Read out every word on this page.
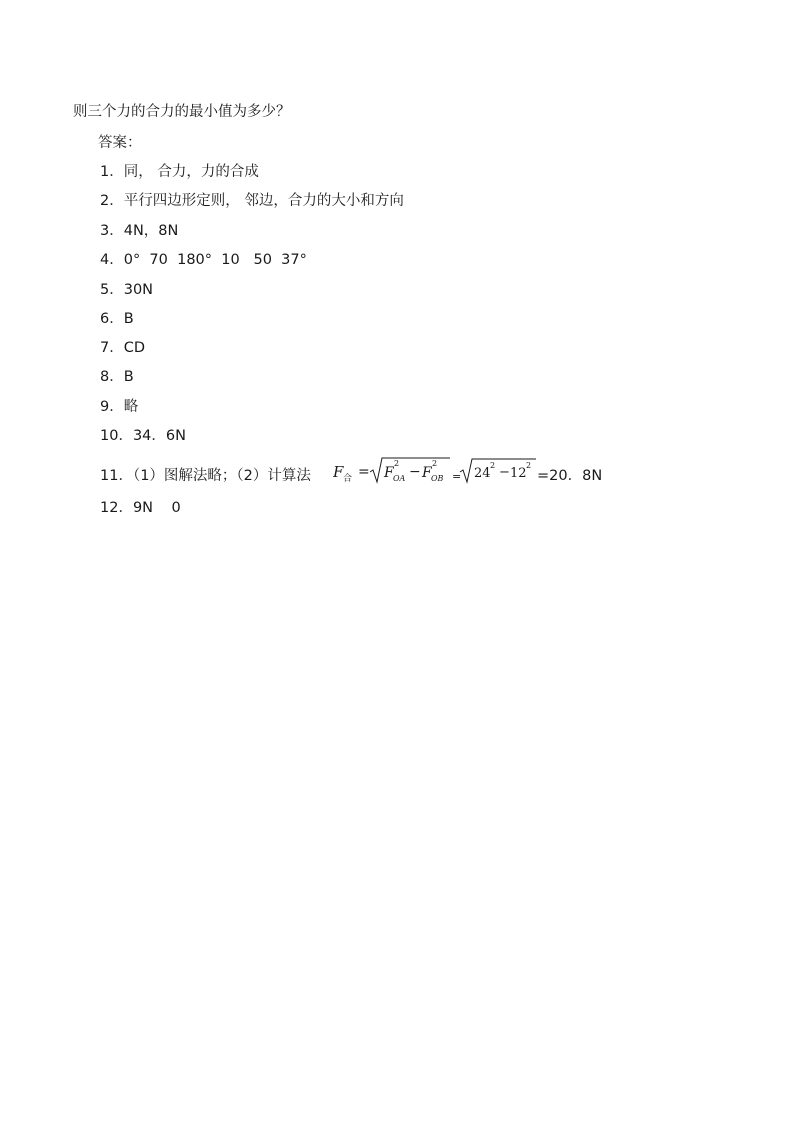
则三个力的合力的最小值为多少？
答案：
1．同， 合力，力的合成
2．平行四边形定则， 邻边，合力的大小和方向
3．4N，8N
4．0°  70  180°  10   50  37°
5．30N
6．B
7．CD
8．B
9．略
10．34．6N
11．（1）图解法略；（2）计算法 F 合 = F
2
OA − F
2
OB = 24
2 − 12
2
=20．8N
12．9N    0
